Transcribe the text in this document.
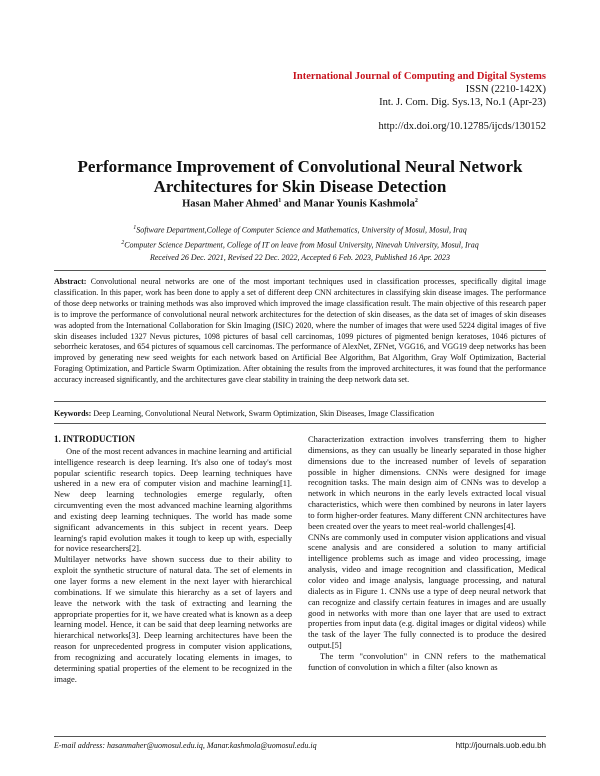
International Journal of Computing and Digital Systems
ISSN (2210-142X)
Int. J. Com. Dig. Sys.13, No.1 (Apr-23)
http://dx.doi.org/10.12785/ijcds/130152
Performance Improvement of Convolutional Neural Network
Architectures for Skin Disease Detection
Hasan Maher Ahmed$^1$ and Manar Younis Kashmola$^2$
$^1$Software Department,College of Computer Science and Mathematics, University of Mosul, Mosul, Iraq
$^2$Computer Science Department, College of IT on leave from Mosul University, Ninevah University, Mosul, Iraq
Received 26 Dec. 2021, Revised 22 Dec. 2022, Accepted 6 Feb. 2023, Published 16 Apr. 2023
Abstract: Convolutional neural networks are one of the most important techniques used in classification processes, specifically digital image classification. In this paper, work has been done to apply a set of different deep CNN architectures in classifying skin disease images. The performance of those deep networks or training methods was also improved which improved the image classification result. The main objective of this research paper is to improve the performance of convolutional neural network architectures for the detection of skin diseases, as the data set of images of skin diseases was adopted from the International Collaboration for Skin Imaging (ISIC) 2020, where the number of images that were used 5224 digital images of five skin diseases included 1327 Nevus pictures, 1098 pictures of basal cell carcinomas, 1099 pictures of pigmented benign keratoses, 1046 pictures of seborrheic keratoses, and 654 pictures of squamous cell carcinomas. The performance of AlexNet, ZFNet, VGG16, and VGG19 deep networks has been improved by generating new seed weights for each network based on Artificial Bee Algorithm, Bat Algorithm, Gray Wolf Optimization, Bacterial Foraging Optimization, and Particle Swarm Optimization. After obtaining the results from the improved architectures, it was found that the performance accuracy increased significantly, and the architectures gave clear stability in training the deep network data set.
Keywords: Deep Learning, Convolutional Neural Network, Swarm Optimization, Skin Diseases, Image Classification
1. INTRODUCTION

One of the most recent advances in machine learning and artificial intelligence research is deep learning. It's also one of today's most popular scientific research topics. Deep learning techniques have ushered in a new era of computer vision and machine learning[1]. New deep learning technologies emerge regularly, often circumventing even the most advanced machine learning algorithms and existing deep learning techniques. The world has made some significant advancements in this subject in recent years. Deep learning's rapid evolution makes it tough to keep up with, especially for novice researchers[2].

Multilayer networks have shown success due to their ability to exploit the synthetic structure of natural data. The set of elements in one layer forms a new element in the next layer with hierarchical combinations. If we simulate this hierarchy as a set of layers and leave the network with the task of extracting and learning the appropriate properties for it, we have created what is known as a deep learning model. Hence, it can be said that deep learning networks are hierarchical networks[3]. Deep learning architectures have been the reason for unprecedented progress in computer vision applications, from recognizing and accurately locating elements in images, to determining spatial properties of the element to be recognized in the image.

Characterization extraction involves transferring them to higher dimensions, as they can usually be linearly separated in those higher dimensions due to the increased number of levels of separation possible in higher dimensions. CNNs were designed for image recognition tasks. The main design aim of CNNs was to develop a network in which neurons in the early levels extracted local visual characteristics, which were then combined by neurons in later layers to form higher-order features. Many different CNN architectures have been created over the years to meet real-world challenges[4].

CNNs are commonly used in computer vision applications and visual scene analysis and are considered a solution to many artificial intelligence problems such as image and video processing, image analysis, video and image recognition and classification, Medical color video and image analysis, language processing, and natural dialects as in Figure 1. CNNs use a type of deep neural network that can recognize and classify certain features in images and are usually good in networks with more than one layer that are used to extract properties from input data (e.g. digital images or digital videos) while the task of the layer The fully connected is to produce the desired output.[5]

The term "convolution" in CNN refers to the mathematical function of convolution in which a filter (also known as

E-mail address: hasanmaher@uomosul.edu.iq, Manar.kashmola@uomosul.edu.iq	http://journals.uob.edu.bh
